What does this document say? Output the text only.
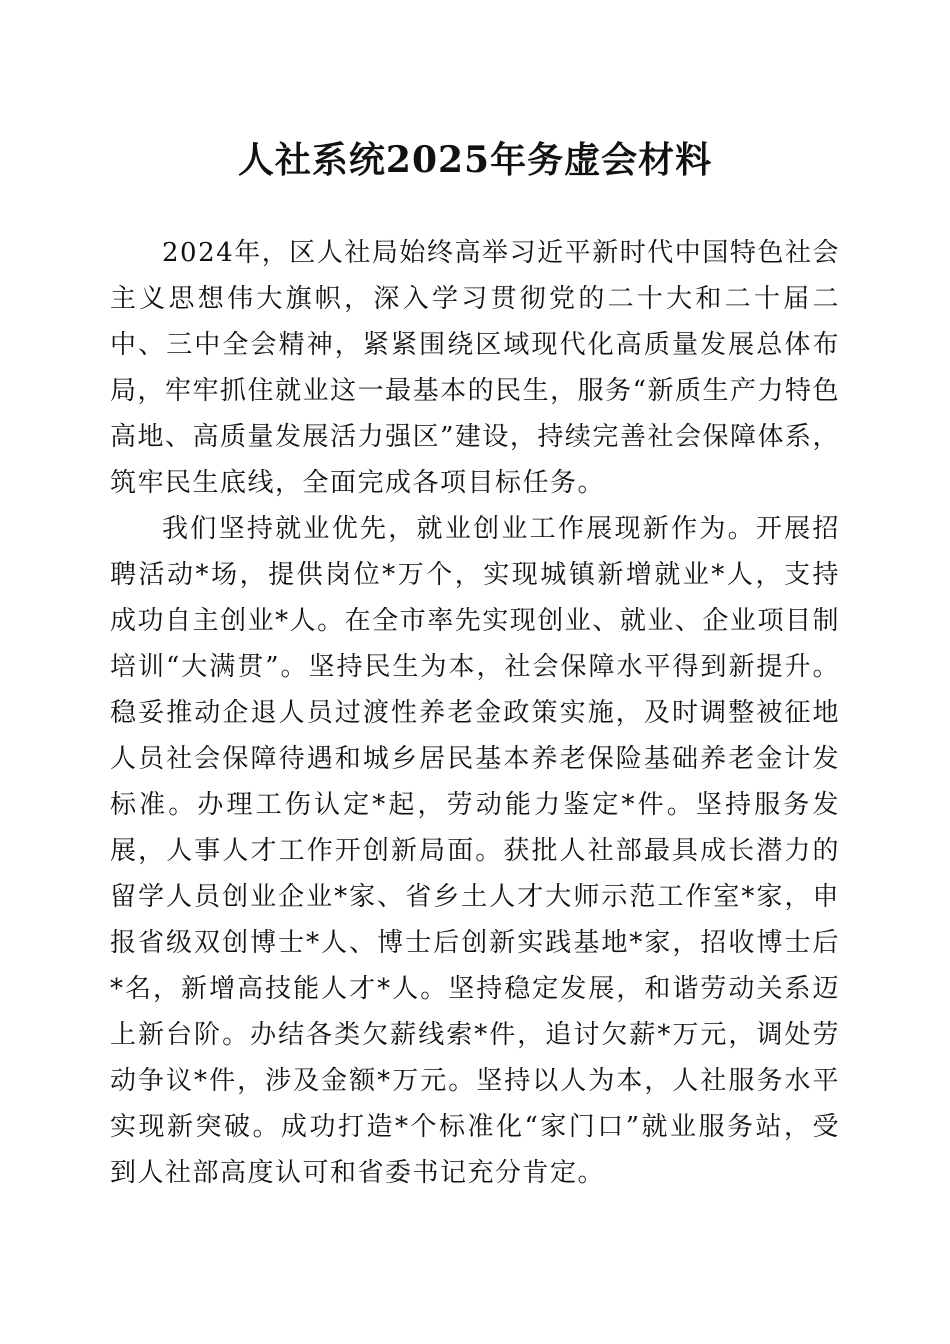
人社系统2025年务虚会材料

2024年，区人社局始终高举习近平新时代中国特色社会主义思想伟大旗帜，深入学习贯彻党的二十大和二十届二中、三中全会精神，紧紧围绕区域现代化高质量发展总体布局，牢牢抓住就业这一最基本的民生，服务“新质生产力特色高地、高质量发展活力强区”建设，持续完善社会保障体系，筑牢民生底线，全面完成各项目标任务。

我们坚持就业优先，就业创业工作展现新作为。开展招聘活动*场，提供岗位*万个，实现城镇新增就业*人，支持成功自主创业*人。在全市率先实现创业、就业、企业项目制培训“大满贯”。坚持民生为本，社会保障水平得到新提升。稳妥推动企退人员过渡性养老金政策实施，及时调整被征地人员社会保障待遇和城乡居民基本养老保险基础养老金计发标准。办理工伤认定*起，劳动能力鉴定*件。坚持服务发展，人事人才工作开创新局面。获批人社部最具成长潜力的留学人员创业企业*家、省乡土人才大师示范工作室*家，申报省级双创博士*人、博士后创新实践基地*家，招收博士后*名，新增高技能人才*人。坚持稳定发展，和谐劳动关系迈上新台阶。办结各类欠薪线索*件，追讨欠薪*万元，调处劳动争议*件，涉及金额*万元。坚持以人为本，人社服务水平实现新突破。成功打造*个标准化“家门口”就业服务站，受到人社部高度认可和省委书记充分肯定。
